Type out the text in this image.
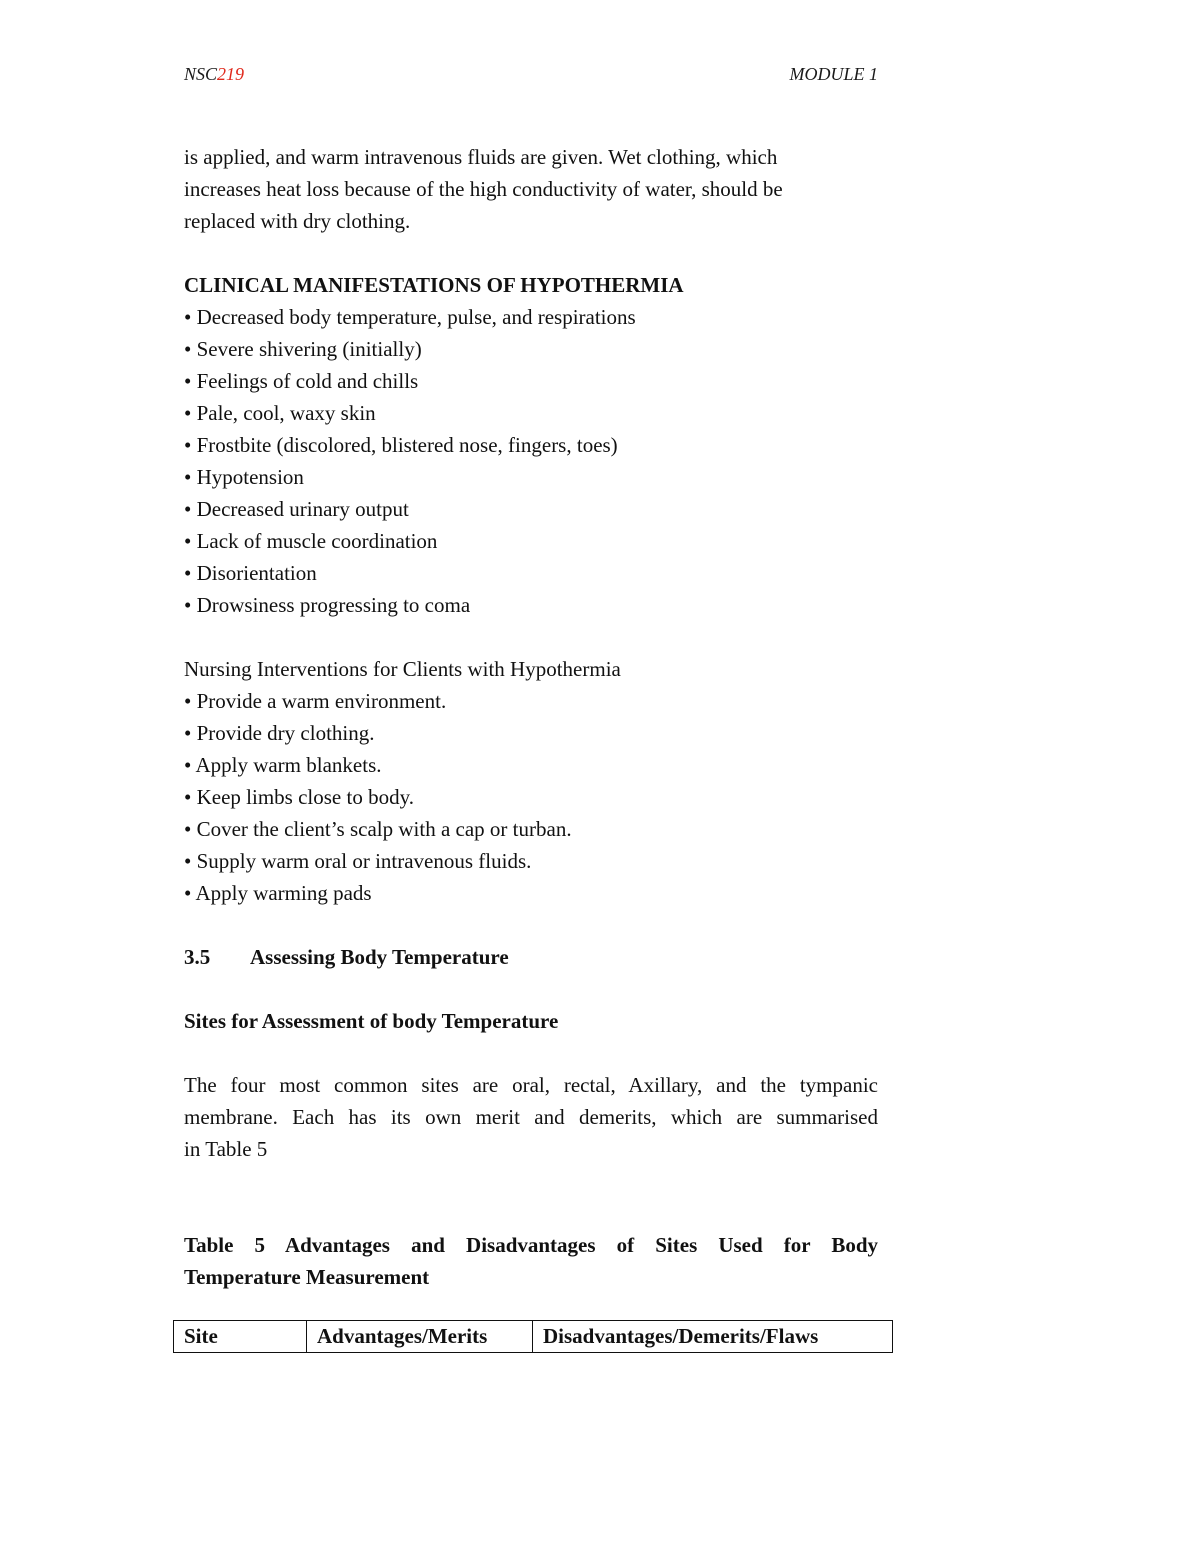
NSC219	MODULE 1

is applied, and warm intravenous fluids are given. Wet clothing, which

increases heat loss because of the high conductivity of water, should be

replaced with dry clothing.

CLINICAL MANIFESTATIONS OF HYPOTHERMIA

• Decreased body temperature, pulse, and respirations
• Severe shivering (initially)
• Feelings of cold and chills
• Pale, cool, waxy skin
• Frostbite (discolored, blistered nose, fingers, toes)
• Hypotension
• Decreased urinary output
• Lack of muscle coordination
• Disorientation
• Drowsiness progressing to coma

Nursing Interventions for Clients with Hypothermia

• Provide a warm environment.
• Provide dry clothing.
• Apply warm blankets.
• Keep limbs close to body.
• Cover the client’s scalp with a cap or turban.
• Supply warm oral or intravenous fluids.
• Apply warming pads

3.5	Assessing Body Temperature

Sites for Assessment of body Temperature

The four most common sites are oral, rectal, Axillary, and the tympanic

membrane. Each has its own merit and demerits, which are summarised

in Table 5

Table 5 Advantages and Disadvantages of Sites Used for Body

Temperature Measurement

Site	Advantages/Merits	Disadvantages/Demerits/Flaws
